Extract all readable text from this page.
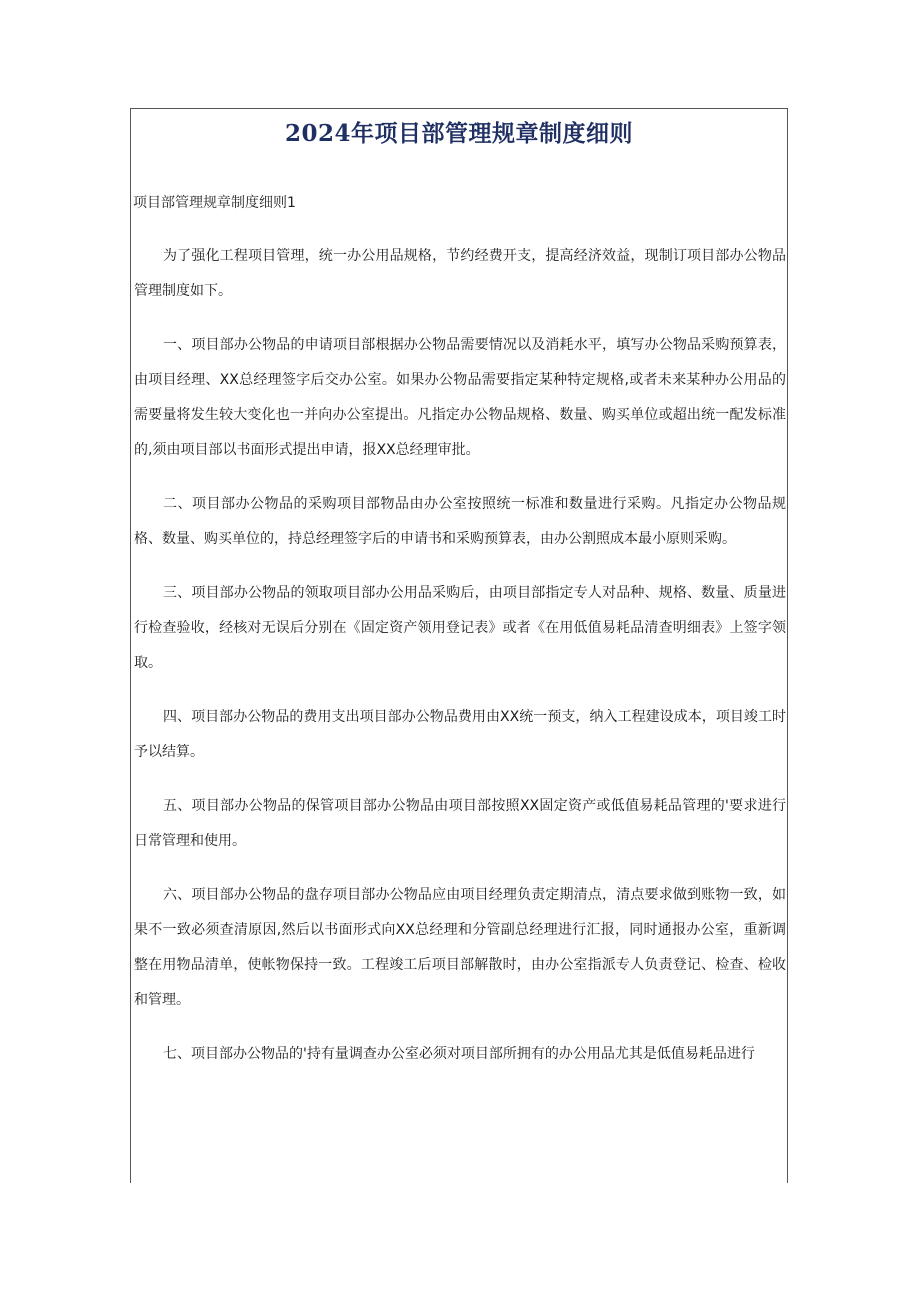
2024年项目部管理规章制度细则
项目部管理规章制度细则1

为了强化工程项目管理，统一办公用品规格，节约经费开支，提高经济效益，现制订项目部办公物品管理制度如下。

一、项目部办公物品的申请项目部根据办公物品需要情况以及消耗水平，填写办公物品采购预算表，由项目经理、XX总经理签字后交办公室。如果办公物品需要指定某种特定规格,或者未来某种办公用品的需要量将发生较大变化也一并向办公室提出。凡指定办公物品规格、数量、购买单位或超出统一配发标准的,须由项目部以书面形式提出申请，报XX总经理审批。

二、项目部办公物品的采购项目部物品由办公室按照统一标准和数量进行采购。凡指定办公物品规格、数量、购买单位的，持总经理签字后的申请书和采购预算表，由办公割照成本最小原则采购。

三、项目部办公物品的领取项目部办公用品采购后，由项目部指定专人对品种、规格、数量、质量进行检查验收，经核对无误后分别在《固定资产领用登记表》或者《在用低值易耗品清查明细表》上签字领取。

四、项目部办公物品的费用支出项目部办公物品费用由XX统一预支，纳入工程建设成本，项目竣工时予以结算。

五、项目部办公物品的保管项目部办公物品由项目部按照XX固定资产或低值易耗品管理的'要求进行日常管理和使用。

六、项目部办公物品的盘存项目部办公物品应由项目经理负责定期清点，清点要求做到账物一致，如果不一致必须查清原因,然后以书面形式向XX总经理和分管副总经理进行汇报，同时通报办公室，重新调整在用物品清单，使帐物保持一致。工程竣工后项目部解散时，由办公室指派专人负责登记、检查、检收和管理。

七、项目部办公物品的'持有量调查办公室必须对项目部所拥有的办公用品尤其是低值易耗品进行
